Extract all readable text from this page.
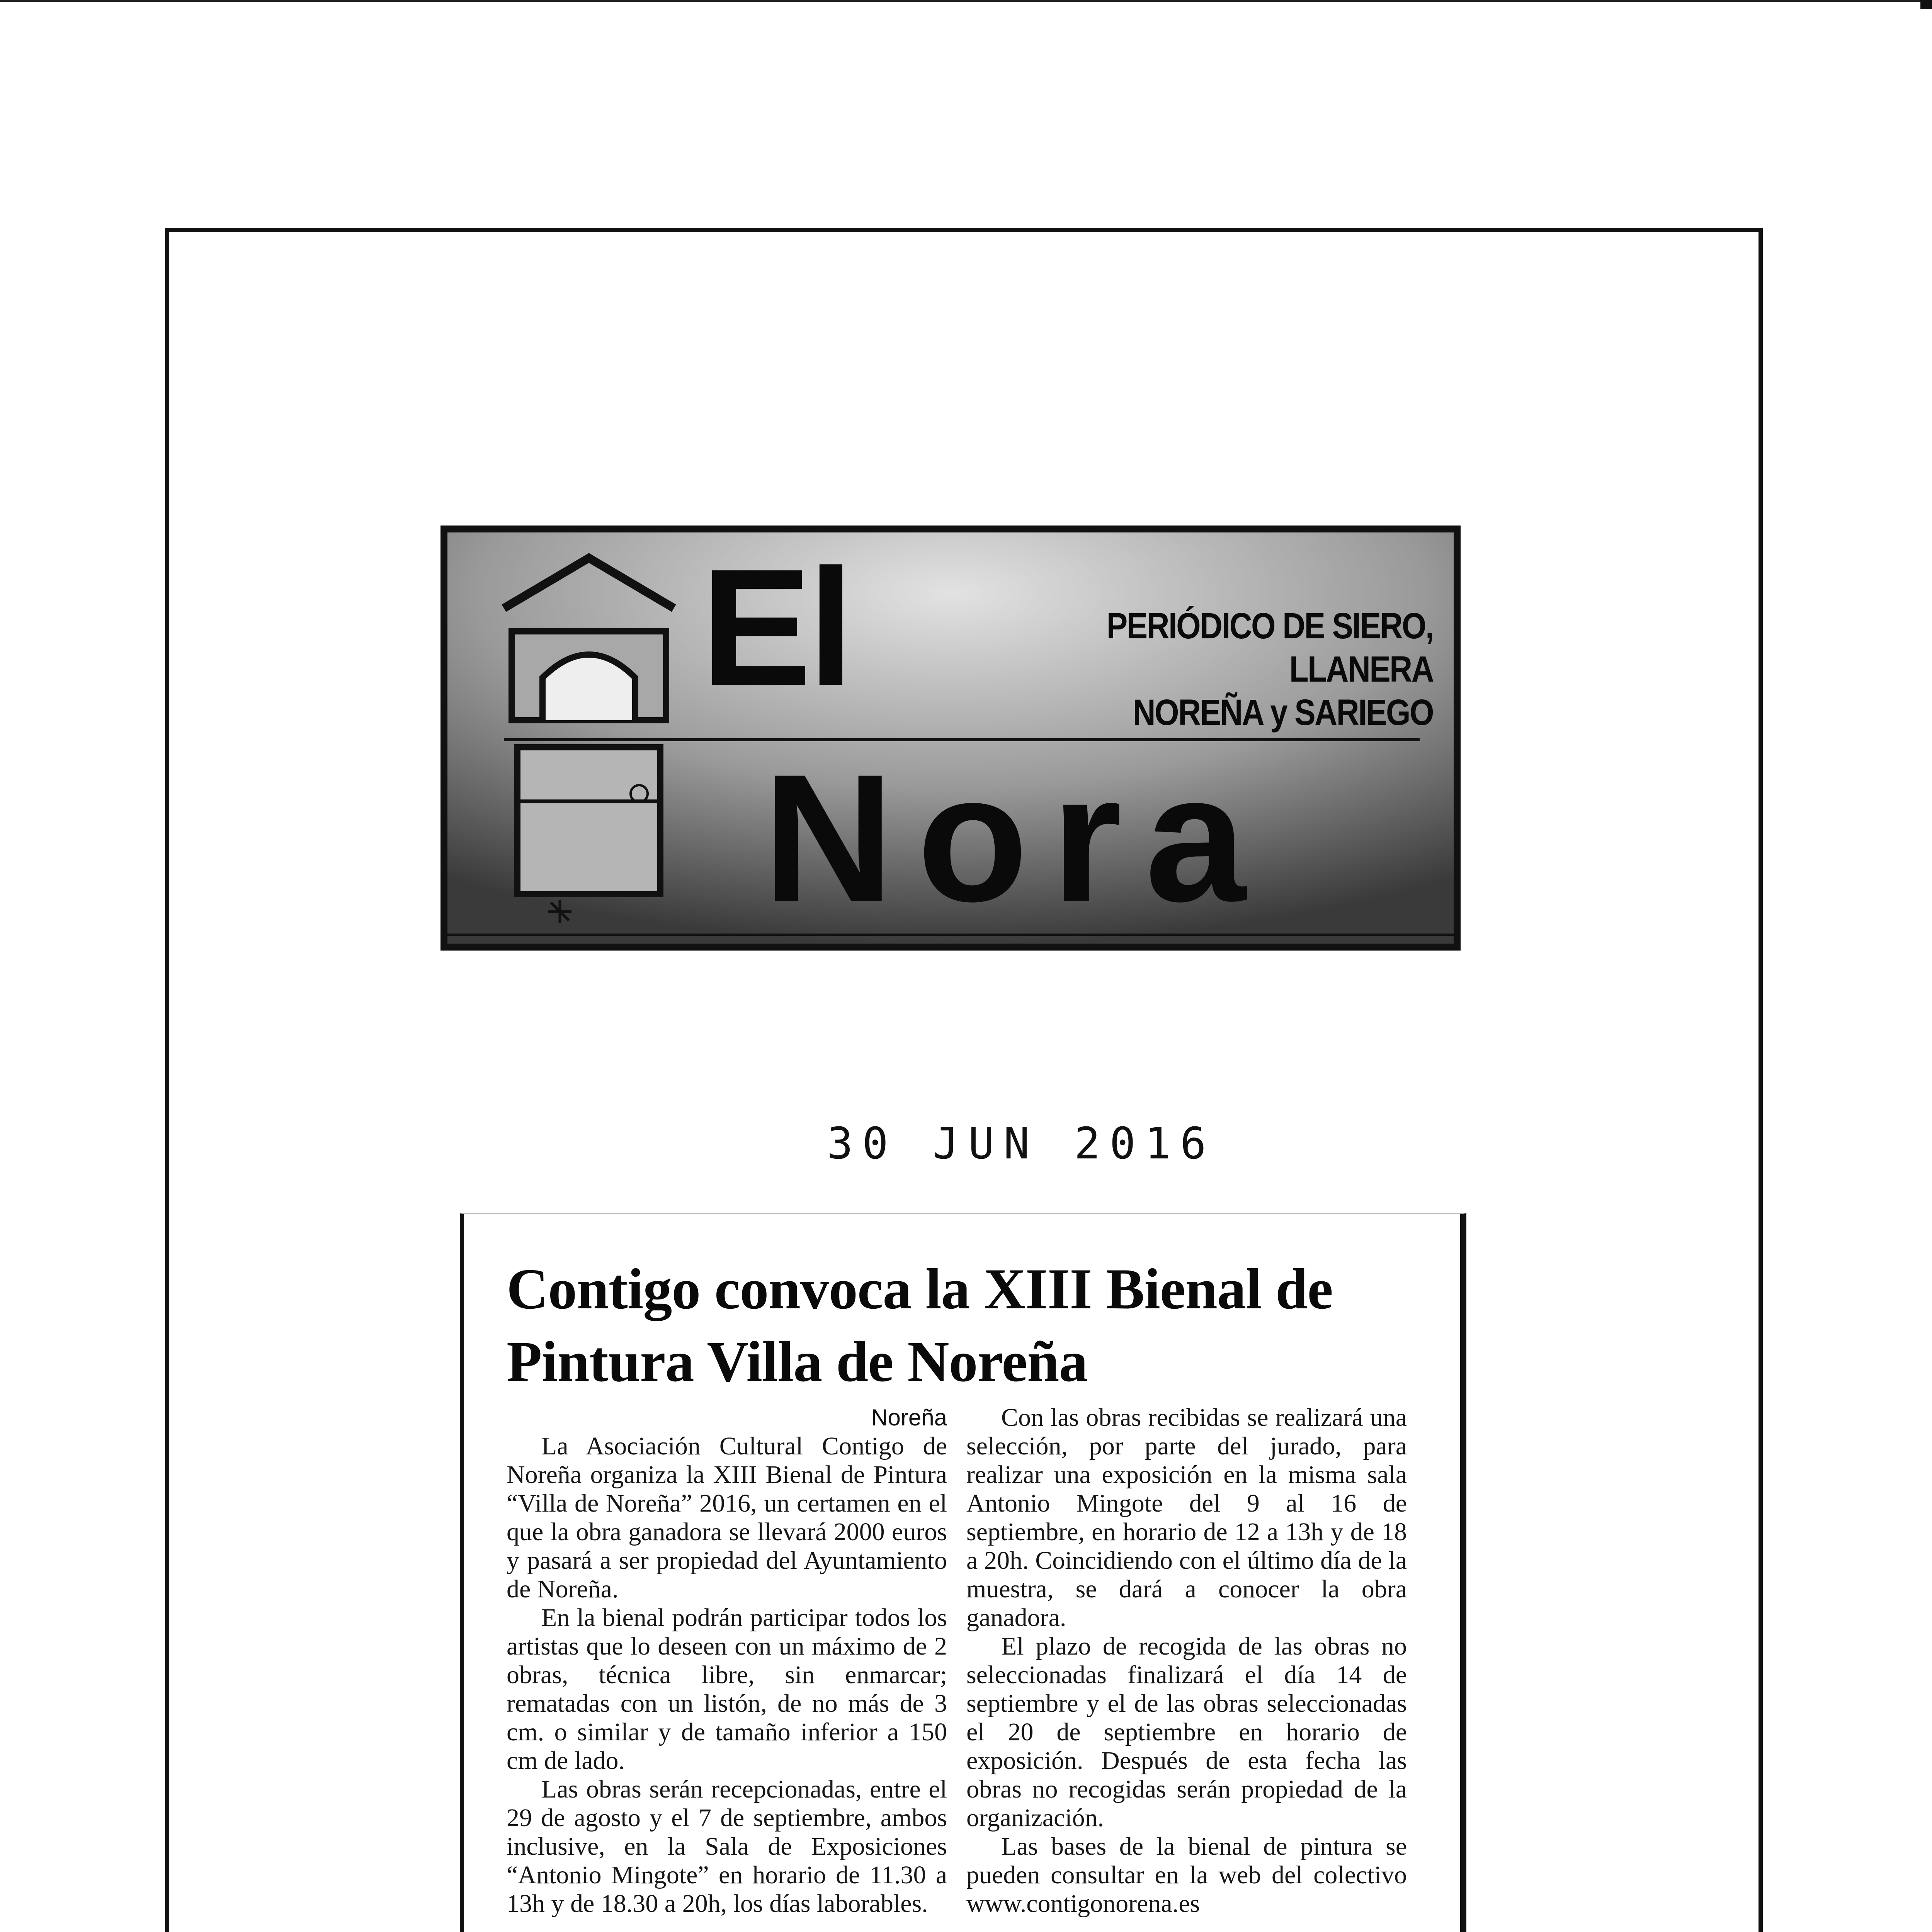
El

Nora

PERIÓDICO DE SIERO, LLANERA
NOREÑA y SARIEGO

30 JUN 2016

Contigo convoca la XIII Bienal de Pintura Villa de Noreña
Noreña

La Asociación Cultural Contigo de Noreña organiza la XIII Bienal de Pintura “Villa de Noreña” 2016, un certamen en el que la obra ganadora se llevará 2000 euros y pasará a ser propiedad del Ayuntamiento de Noreña.

En la bienal podrán participar todos los artistas que lo deseen con un máximo de 2 obras, técnica libre, sin enmarcar; rematadas con un listón, de no más de 3 cm. o similar y de tamaño inferior a 150 cm de lado.

Las obras serán recepcionadas, entre el 29 de agosto y el 7 de septiembre, ambos inclusive, en la Sala de Exposiciones “Antonio Mingote” en horario de 11.30 a 13h y de 18.30 a 20h, los días laborables.

Con las obras recibidas se realizará una selección, por parte del jurado, para realizar una exposición en la misma sala Antonio Mingote del 9 al 16 de septiembre, en horario de 12 a 13h y de 18 a 20h. Coincidiendo con el último día de la muestra, se dará a conocer la obra ganadora.

El plazo de recogida de las obras no seleccionadas finalizará el día 14 de septiembre y el de las obras seleccionadas el 20 de septiembre en horario de exposición. Después de esta fecha las obras no recogidas serán propiedad de la organización.

Las bases de la bienal de pintura se pueden consultar en la web del colectivo www.contigonorena.es
